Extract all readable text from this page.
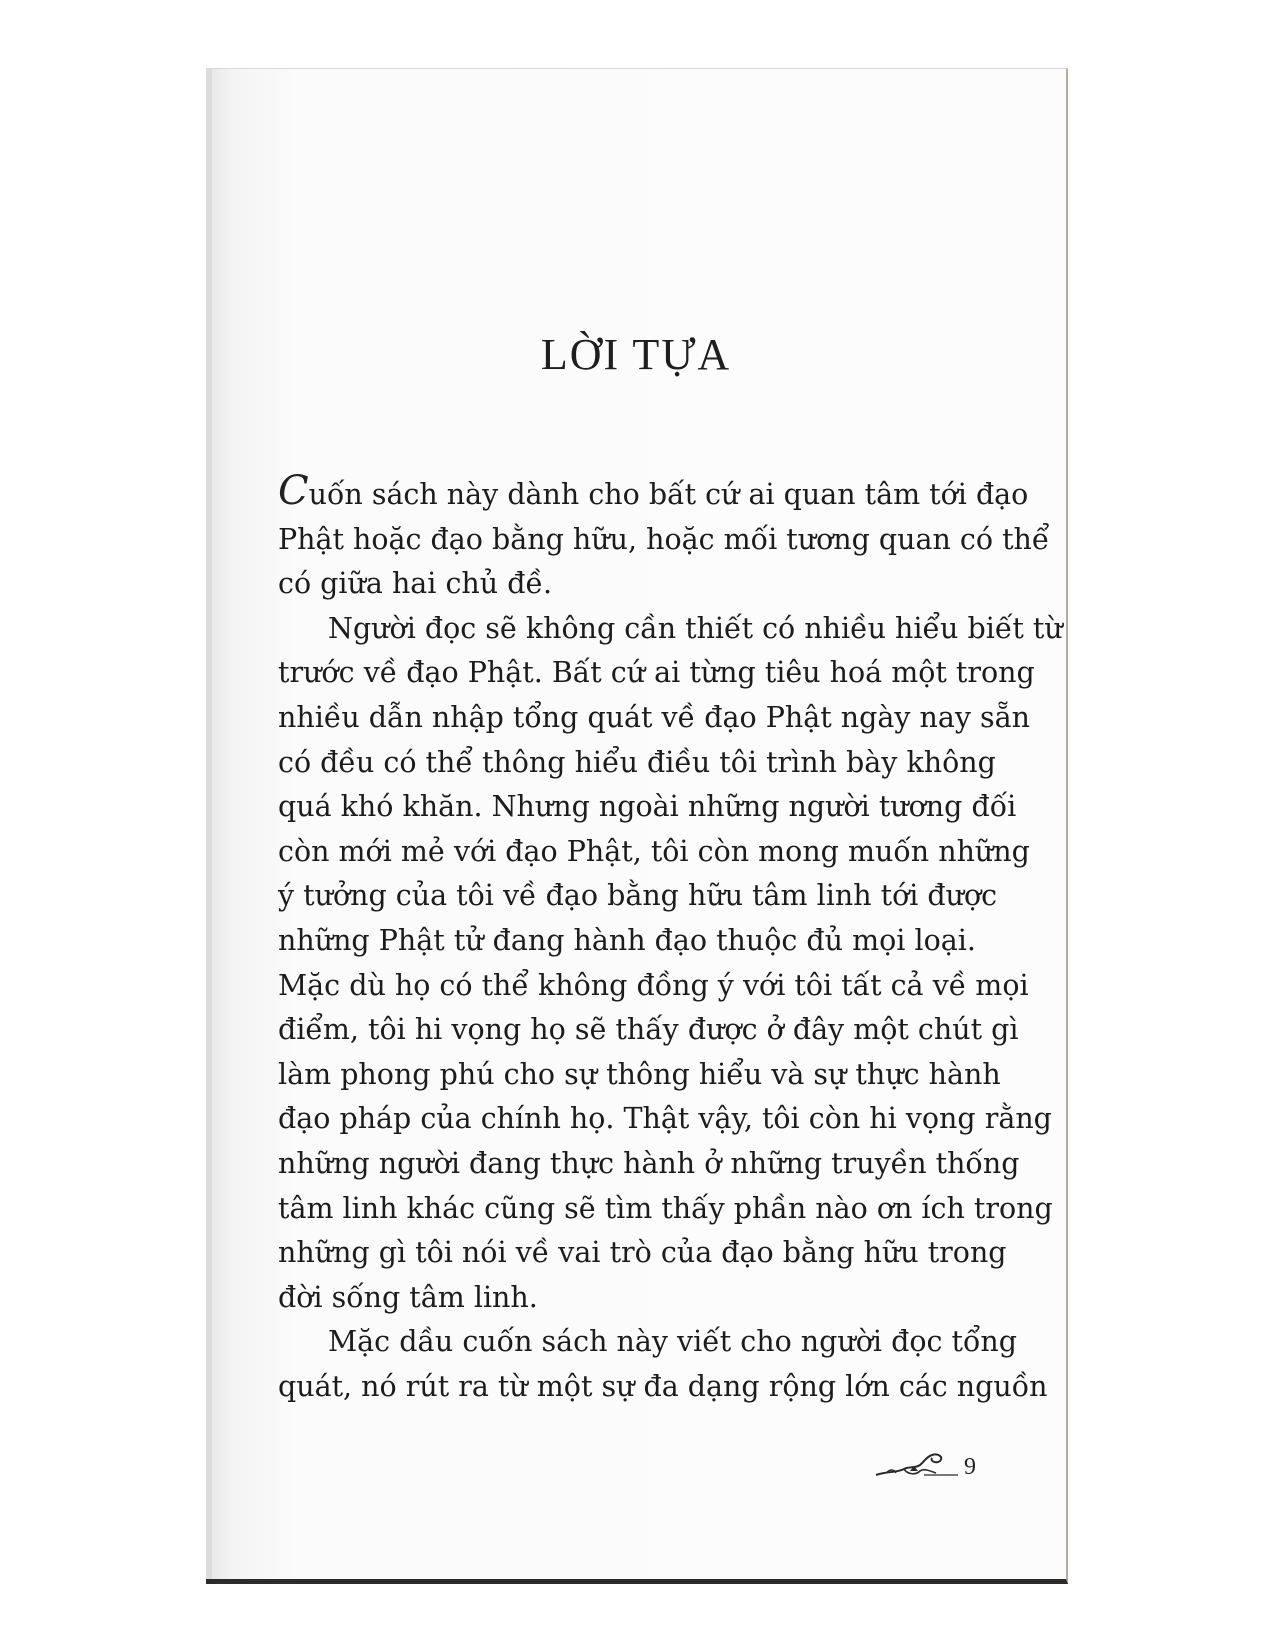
LỜI TỰA
Cuốn sách này dành cho bất cứ ai quan tâm tới đạo
Phật hoặc đạo bằng hữu, hoặc mối tương quan có thể
có giữa hai chủ đề.
Người đọc sẽ không cần thiết có nhiều hiểu biết từ
trước về đạo Phật. Bất cứ ai từng tiêu hoá một trong
nhiều dẫn nhập tổng quát về đạo Phật ngày nay sẵn
có đều có thể thông hiểu điều tôi trình bày không
quá khó khăn. Nhưng ngoài những người tương đối
còn mới mẻ với đạo Phật, tôi còn mong muốn những
ý tưởng của tôi về đạo bằng hữu tâm linh tới được
những Phật tử đang hành đạo thuộc đủ mọi loại.
Mặc dù họ có thể không đồng ý với tôi tất cả về mọi
điểm, tôi hi vọng họ sẽ thấy được ở đây một chút gì
làm phong phú cho sự thông hiểu và sự thực hành
đạo pháp của chính họ. Thật vậy, tôi còn hi vọng rằng
những người đang thực hành ở những truyền thống
tâm linh khác cũng sẽ tìm thấy phần nào ơn ích trong
những gì tôi nói về vai trò của đạo bằng hữu trong
đời sống tâm linh.
Mặc dầu cuốn sách này viết cho người đọc tổng
quát, nó rút ra từ một sự đa dạng rộng lớn các nguồn
9
